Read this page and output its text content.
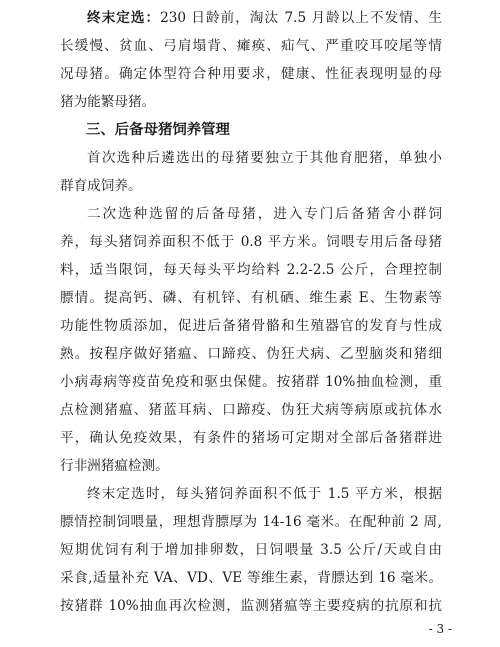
终末定选：230 日龄前，淘汰 7.5 月龄以上不发情、生
长缓慢、贫血、弓肩塌背、瘫痪、疝气、严重咬耳咬尾等情
况母猪。确定体型符合种用要求，健康、性征表现明显的母
猪为能繁母猪。
三、后备母猪饲养管理
首次选种后遴选出的母猪要独立于其他育肥猪，单独小
群育成饲养。
二次选种选留的后备母猪，进入专门后备猪舍小群饲
养，每头猪饲养面积不低于 0.8 平方米。饲喂专用后备母猪
料，适当限饲，每天每头平均给料 2.2-2.5 公斤，合理控制
膘情。提高钙、磷、有机锌、有机硒、维生素 E、生物素等
功能性物质添加，促进后备猪骨骼和生殖器官的发育与性成
熟。按程序做好猪瘟、口蹄疫、伪狂犬病、乙型脑炎和猪细
小病毒病等疫苗免疫和驱虫保健。按猪群 10%抽血检测，重
点检测猪瘟、猪蓝耳病、口蹄疫、伪狂犬病等病原或抗体水
平，确认免疫效果，有条件的猪场可定期对全部后备猪群进
行非洲猪瘟检测。
终末定选时，每头猪饲养面积不低于 1.5 平方米，根据
膘情控制饲喂量，理想背膘厚为 14-16 毫米。在配种前 2 周,
短期优饲有利于增加排卵数，日饲喂量 3.5 公斤/天或自由
采食,适量补充 VA、VD、VE 等维生素，背膘达到 16 毫米。
按猪群 10%抽血再次检测，监测猪瘟等主要疫病的抗原和抗
- 3 -
